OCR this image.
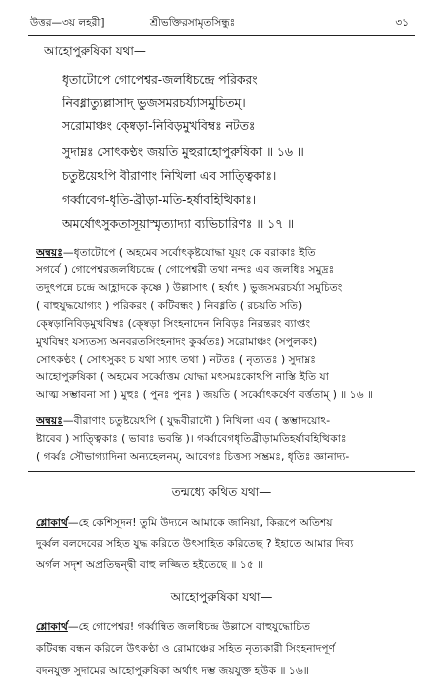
উত্তর—৩য় লহরী]	শ্রীভক্তিরসামৃতসিন্ধুঃ	৩১
আহোপুরুষিকা যথা—
ধৃতাটোপে গোপেশ্বর-জলধিচন্দ্রে পরিকরং
নিবধ্নাত্যুল্লাসাদ্ ভুজসমরচর্য্যাসমুচিতম্।
সরোমাঞ্চং ক্ষ্বেড়া-নিবিড়মুখবিম্বঃ নটতঃ
সুদাম্নঃ সোৎকণ্ঠং জয়তি মুহুরাহোপুরুষিকা ॥ ১৬ ॥
চতুষ্টয়েঽপি বীরাণাং নিখিলা এব সাত্ত্বিকাঃ।
গর্ব্বাবেগ-ধৃতি-ব্রীড়া-মতি-হর্ষাবহিত্থিকাঃ।
অমর্ষোৎসুকতাসূয়াস্মৃত্যাদ্যা ব্যভিচারিণঃ ॥ ১৭ ॥
অন্বয়ঃ—ধৃতাটোপে ( অহমেব সর্বোৎকৃষ্টযোদ্ধা যূয়ং কে বরাকাঃ ইতি
সগর্বে ) গোপেশ্বরজলধিচন্দ্রে ( গোপেশ্বরী তথা নন্দঃ এব জলধিঃ সমুদ্রঃ
তদুৎপন্নে চন্দ্রে আহ্লাদকে কৃষ্ণে ) উল্লাসাৎ ( হর্ষাৎ ) ভুজসমরচর্য্যা সমুচিতং
( বাহুযুদ্ধযোগ্যং ) পরিকরং ( কটিবন্ধং ) নিবধ্নতি ( রচয়তি সতি)
ক্ষ্বেড়ানিবিড়মুখবিম্বঃ (ক্ষ্বেড়া সিংহনাদেন নিবিড়ঃ নিরন্তরং ব্যাপ্তং
মুখবিম্বং যস্যতস্য অনবরতসিংহনাদং কুর্ব্বতঃ) সরোমাঞ্চং (সপুলকং)
সোৎকণ্ঠং ( সোৎসুকং চ যথা স্যাৎ তথা ) নটতঃ ( নৃত্যতঃ ) সুদাম্নঃ
আহোপুরুষিকা ( অহমেব সর্ব্বোত্তম যোদ্ধা মৎসমঃকোঽপি নাস্তি ইতি যা
আত্ম সম্ভাবনা সা ) মুহুঃ ( পুনঃ পুনঃ ) জয়তি ( সর্ব্বোৎকর্ষেণ বর্ত্ততাম্ ) ॥ ১৬ ॥
অন্বয়ঃ—বীরাণাং চতুষ্টয়েঽপি ( যুদ্ধবীরাদৌ ) নিখিলা এব ( স্তম্ভাদয়োঽ-
ষ্টাবেব ) সাত্ত্বিকাঃ ( ভাবাঃ ভবন্তি )। গর্ব্বাবেগধৃতিব্রীড়ামতিহর্ষাবহিত্থিকাঃ
( গর্ব্বঃ সৌভাগ্যাদিনা অন্যহেলনম্, আবেগঃ চিত্তস্য সম্ভ্রমঃ, ধৃতিঃ জ্ঞানাদ্য-
তন্মধ্যে কথিত যথা—
শ্লোকার্থ—হে কেশিসূদন! তুমি উদ্যনে আমাকে জানিয়া, কিরূপে অতিশয়
দুর্ব্বল বলদেবের সহিত যুদ্ধ করিতে উৎসাহিত করিতেছ ? ইহাতে আমার দিব্য
অর্গল সদৃশ অপ্রতিদ্বন্দ্বী বাহু লজ্জিত হইতেছে ॥ ১৫ ॥
আহোপুরুষিকা যথা—
শ্লোকার্থ—হে গোপেশ্বর! গর্ব্বান্বিত জলধিচন্দ্র উল্লাসে বাহুযুদ্ধোচিত
কটিবন্ধ বন্ধন করিলে উৎকণ্ঠা ও রোমাঞ্চের সহিত নৃত্যকারী সিংহনাদপূর্ণ
বদনযুক্ত সুদামের আহোপুরুষিকা অর্থাৎ দম্ভ জয়যুক্ত হউক ॥ ১৬॥
